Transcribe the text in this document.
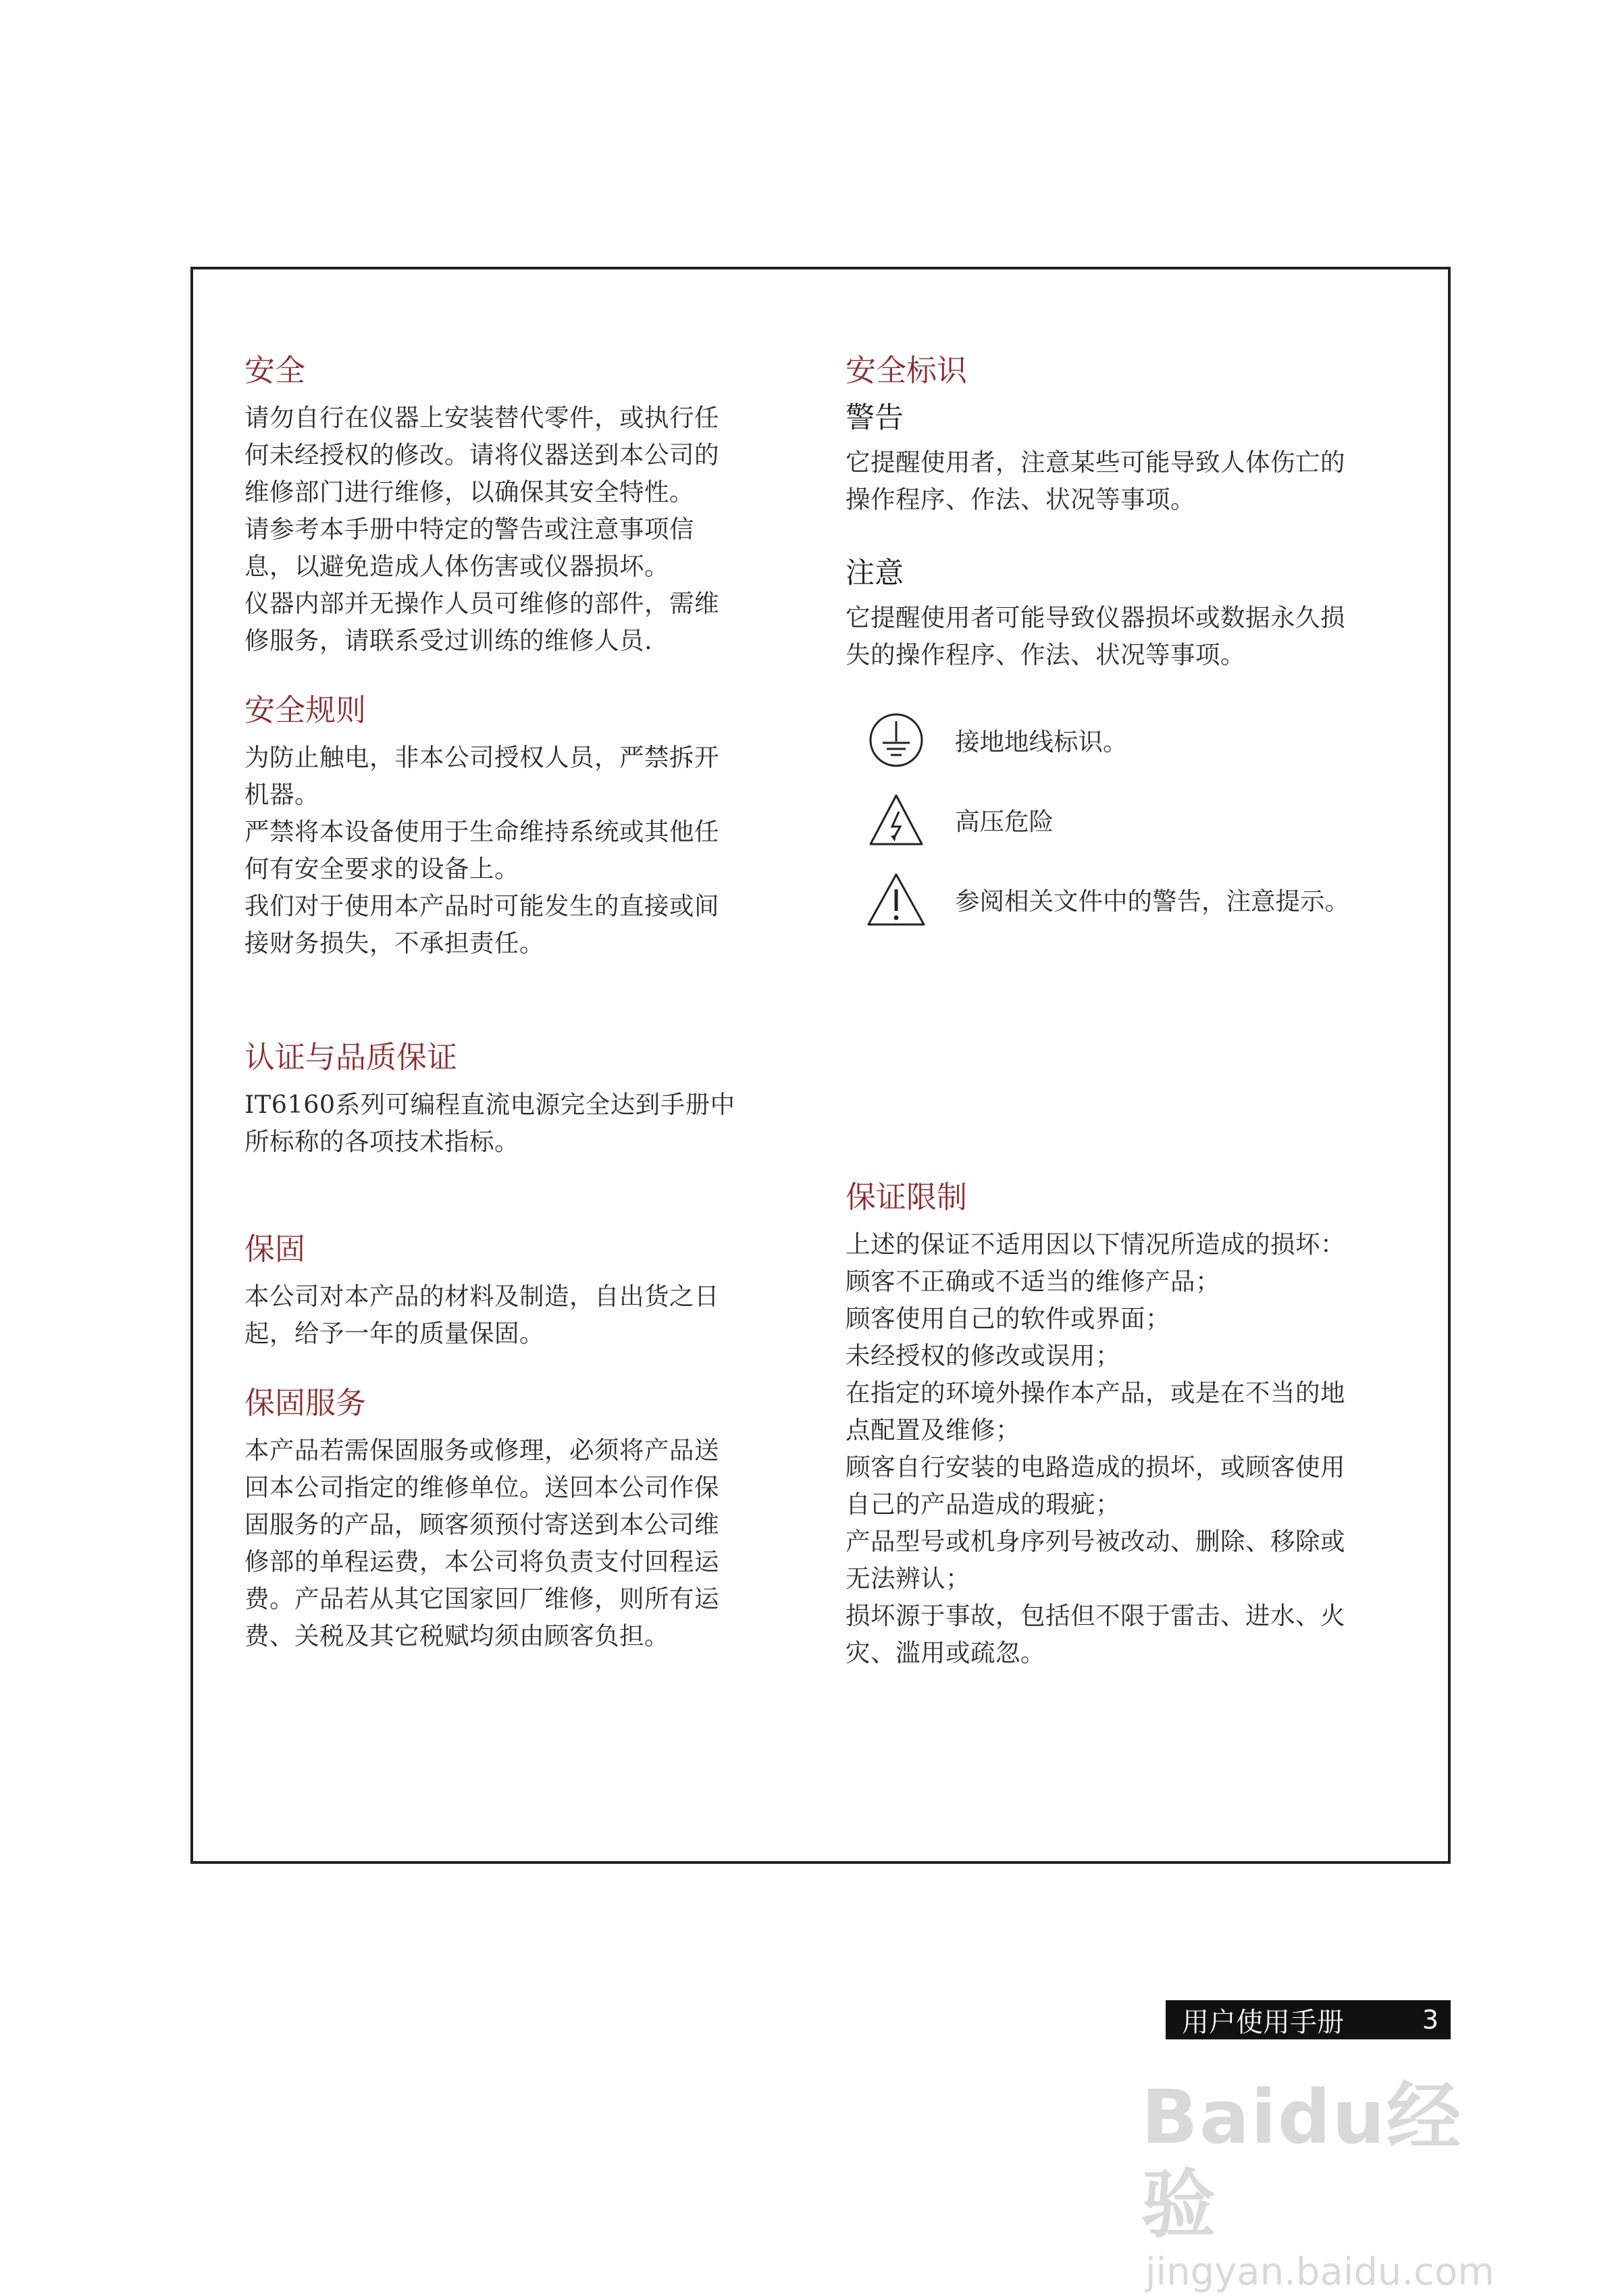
安全

请勿自行在仪器上安装替代零件，或执行任
何未经授权的修改。请将仪器送到本公司的
维修部门进行维修，以确保其安全特性。
请参考本手册中特定的警告或注意事项信
息，以避免造成人体伤害或仪器损坏。
仪器内部并无操作人员可维修的部件，需维
修服务，请联系受过训练的维修人员.

安全规则

为防止触电，非本公司授权人员，严禁拆开
机器。
严禁将本设备使用于生命维持系统或其他任
何有安全要求的设备上。
我们对于使用本产品时可能发生的直接或间
接财务损失，不承担责任。

认证与品质保证

IT6160系列可编程直流电源完全达到手册中
所标称的各项技术指标。

保固

本公司对本产品的材料及制造，自出货之日
起，给予一年的质量保固。

保固服务

本产品若需保固服务或修理，必须将产品送
回本公司指定的维修单位。送回本公司作保
固服务的产品，顾客须预付寄送到本公司维
修部的单程运费，本公司将负责支付回程运
费。产品若从其它国家回厂维修，则所有运
费、关税及其它税赋均须由顾客负担。

安全标识
警告

它提醒使用者，注意某些可能导致人体伤亡的
操作程序、作法、状况等事项。

注意

它提醒使用者可能导致仪器损坏或数据永久损
失的操作程序、作法、状况等事项。

接地地线标识。
高压危险
参阅相关文件中的警告，注意提示。
保证限制

上述的保证不适用因以下情况所造成的损坏：
顾客不正确或不适当的维修产品；
顾客使用自己的软件或界面；
未经授权的修改或误用；
在指定的环境外操作本产品，或是在不当的地
点配置及维修；
顾客自行安装的电路造成的损坏，或顾客使用
自己的产品造成的瑕疵；
产品型号或机身序列号被改动、删除、移除或
无法辨认；
损坏源于事故，包括但不限于雷击、进水、火
灾、滥用或疏忽。

用户使用手册	3
Baidu经验
jingyan.baidu.com
